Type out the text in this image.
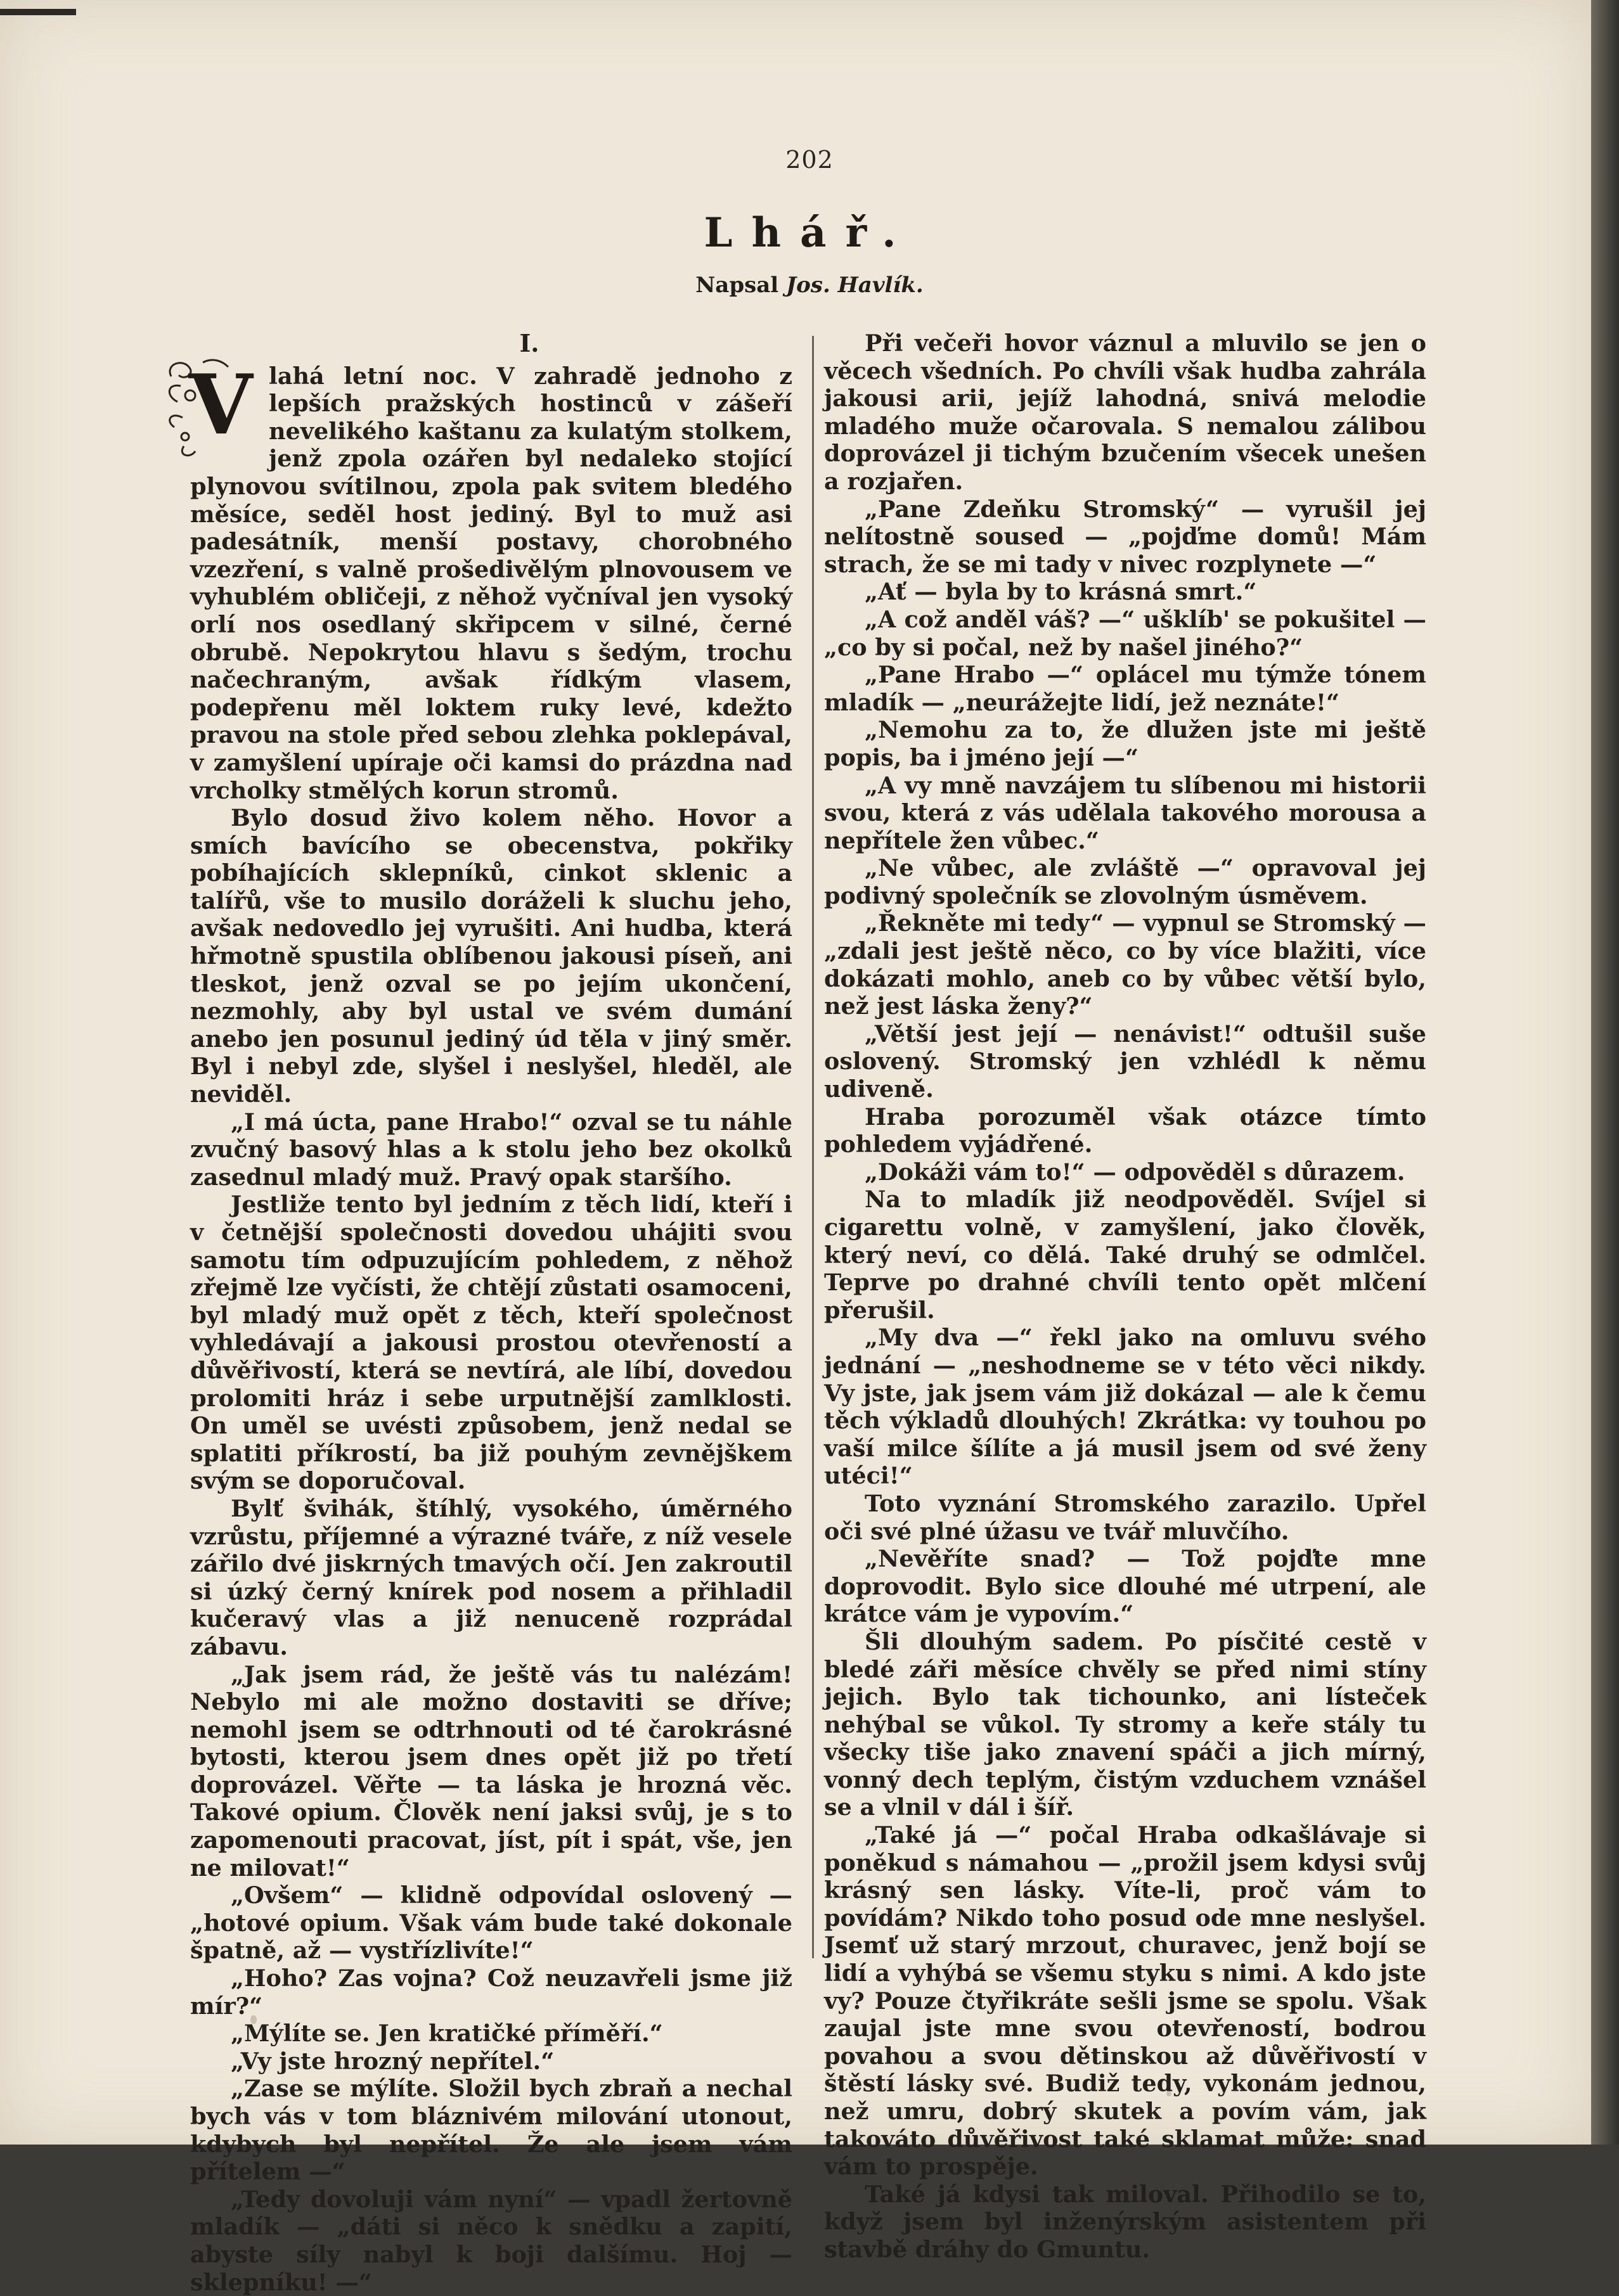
202
Lhář.
Napsal Jos. Havlík.
I.
V lahá letní noc. V zahradě jednoho z lepších pražských hostinců v zášeří nevelikého kaštanu za kulatým stolkem, jenž zpola ozářen byl nedaleko stojící plynovou svítilnou, zpola pak svitem bledého měsíce, seděl host jediný. Byl to muž asi padesátník, menší postavy, chorobného vzezření, s valně prošedivělým plnovousem ve vyhublém obličeji, z něhož vyčníval jen vysoký orlí nos osedlaný skřipcem v silné, černé obrubě. Nepokrytou hlavu s šedým, trochu načechraným, avšak řídkým vlasem, podepřenu měl loktem ruky levé, kdežto pravou na stole před sebou zlehka poklepával, v zamyšlení upíraje oči kamsi do prázdna nad vrcholky stmělých korun stromů.

Bylo dosud živo kolem něho. Hovor a smích bavícího se obecenstva, pokřiky pobíhajících sklepníků, cinkot sklenic a talířů, vše to musilo doráželi k sluchu jeho, avšak nedovedlo jej vyrušiti. Ani hudba, která hřmotně spustila oblíbenou jakousi píseň, ani tleskot, jenž ozval se po jejím ukončení, nezmohly, aby byl ustal ve svém dumání anebo jen posunul jediný úd těla v jiný směr. Byl i nebyl zde, slyšel i neslyšel, hleděl, ale neviděl.

„I má úcta, pane Hrabo!“ ozval se tu náhle zvučný basový hlas a k stolu jeho bez okolků zasednul mladý muž. Pravý opak staršího.

Jestliže tento byl jedním z těch lidí, kteří i v četnější společnosti dovedou uhájiti svou samotu tím odpuzujícím pohledem, z něhož zřejmě lze vyčísti, že chtějí zůstati osamoceni, byl mladý muž opět z těch, kteří společnost vyhledávají a jakousi prostou otevřeností a důvěřivostí, která se nevtírá, ale líbí, dovedou prolomiti hráz i sebe urputnější zamlklosti. On uměl se uvésti způsobem, jenž nedal se splatiti příkrostí, ba již pouhým zevnějškem svým se doporučoval.

Bylť švihák, štíhlý, vysokého, úměrného vzrůstu, příjemné a výrazné tváře, z níž vesele zářilo dvé jiskrných tmavých očí. Jen zakroutil si úzký černý knírek pod nosem a přihladil kučeravý vlas a již nenuceně rozprádal zábavu.

„Jak jsem rád, že ještě vás tu nalézám! Nebylo mi ale možno dostaviti se dříve; nemohl jsem se odtrhnouti od té čarokrásné bytosti, kterou jsem dnes opět již po třetí doprovázel. Věřte — ta láska je hrozná věc. Takové opium. Člověk není jaksi svůj, je s to zapomenouti pracovat, jíst, pít i spát, vše, jen ne milovat!“

„Ovšem“ — klidně odpovídal oslovený — „hotové opium. Však vám bude také dokonale špatně, až — vystřízlivíte!“

„Hoho? Zas vojna? Což neuzavřeli jsme již mír?“

„Mýlíte se. Jen kratičké příměří.“

„Vy jste hrozný nepřítel.“

„Zase se mýlíte. Složil bych zbraň a nechal bych vás v tom bláznivém milování utonout, kdybych byl nepřítel. Že ale jsem vám přítelem —“

„Tedy dovoluji vám nyní“ — vpadl žertovně mladík — „dáti si něco k snědku a zapití, abyste síly nabyl k boji dalšímu. Hoj — sklepníku! —“

Při večeři hovor váznul a mluvilo se jen o věcech všedních. Po chvíli však hudba zahrála jakousi arii, jejíž lahodná, snivá melodie mladého muže očarovala. S nemalou zálibou doprovázel ji tichým bzučením všecek unešen a rozjařen.

„Pane Zdeňku Stromský“ — vyrušil jej nelítostně soused — „pojďme domů! Mám strach, že se mi tady v nivec rozplynete —“

„Ať — byla by to krásná smrt.“

„A což anděl váš? —“ ušklíb' se pokušitel — „co by si počal, než by našel jiného?“

„Pane Hrabo —“ oplácel mu týmže tónem mladík — „neurážejte lidí, jež neznáte!“

„Nemohu za to, že dlužen jste mi ještě popis, ba i jméno její —“

„A vy mně navzájem tu slíbenou mi historii svou, která z vás udělala takového morousa a nepřítele žen vůbec.“

„Ne vůbec, ale zvláště —“ opravoval jej podivný společník se zlovolným úsměvem.

„Řekněte mi tedy“ — vypnul se Stromský — „zdali jest ještě něco, co by více blažiti, více dokázati mohlo, aneb co by vůbec větší bylo, než jest láska ženy?“

„Větší jest její — nenávist!“ odtušil suše oslovený. Stromský jen vzhlédl k němu udiveně.

Hraba porozuměl však otázce tímto pohledem vyjádřené.

„Dokáži vám to!“ — odpověděl s důrazem.

Na to mladík již neodpověděl. Svíjel si cigarettu volně, v zamyšlení, jako člověk, který neví, co dělá. Také druhý se odmlčel. Teprve po drahné chvíli tento opět mlčení přerušil.

„My dva —“ řekl jako na omluvu svého jednání — „neshodneme se v této věci nikdy. Vy jste, jak jsem vám již dokázal — ale k čemu těch výkladů dlouhých! Zkrátka: vy touhou po vaší milce šílíte a já musil jsem od své ženy utéci!“

Toto vyznání Stromského zarazilo. Upřel oči své plné úžasu ve tvář mluvčího.

„Nevěříte snad? — Tož pojďte mne doprovodit. Bylo sice dlouhé mé utrpení, ale krátce vám je vypovím.“

Šli dlouhým sadem. Po písčité cestě v bledé záři měsíce chvěly se před nimi stíny jejich. Bylo tak tichounko, ani lísteček nehýbal se vůkol. Ty stromy a keře stály tu všecky tiše jako znavení spáči a jich mírný, vonný dech teplým, čistým vzduchem vznášel se a vlnil v dál i šíř.

„Také já —“ počal Hraba odkašlávaje si poněkud s námahou — „prožil jsem kdysi svůj krásný sen lásky. Víte-li, proč vám to povídám? Nikdo toho posud ode mne neslyšel. Jsemť už starý mrzout, churavec, jenž bojí se lidí a vyhýbá se všemu styku s nimi. A kdo jste vy? Pouze čtyřikráte sešli jsme se spolu. Však zaujal jste mne svou otevřeností, bodrou povahou a svou dětinskou až důvěřivostí v štěstí lásky své. Budiž tedy, vykonám jednou, než umru, dobrý skutek a povím vám, jak takováto důvěřivost také sklamat může: snad vám to prospěje.

Také já kdysi tak miloval. Přihodilo se to, když jsem byl inženýrským asistentem při stavbě dráhy do Gmuntu.
